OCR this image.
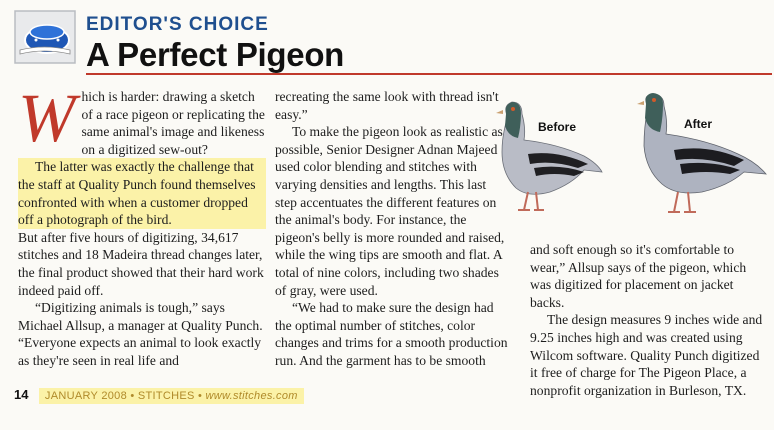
EDITOR'S CHOICE
A Perfect Pigeon

Which is harder: drawing a sketch of a race pigeon or replicating the same animal's image and likeness on a digitized sew-out?

The latter was exactly the challenge that the staff at Quality Punch found themselves confronted with when a customer dropped off a photograph of the bird.

But after five hours of digitizing, 34,617 stitches and 18 Madeira thread changes later, the final product showed that their hard work indeed paid off.

“Digitizing animals is tough,” says Michael Allsup, a manager at Quality Punch. “Everyone expects an animal to look exactly as they're seen in real life and

recreating the same look with thread isn't easy.”

To make the pigeon look as realistic as possible, Senior Designer Adnan Majeed used color blending and stitches with varying densities and lengths. This last step accentuates the different features on the animal's body. For instance, the pigeon's belly is more rounded and raised, while the wing tips are smooth and flat. A total of nine colors, including two shades of gray, were used.

“We had to make sure the design had the optimal number of stitches, color changes and trims for a smooth production run. And the garment has to be smooth

Before	After

and soft enough so it's comfortable to wear,” Allsup says of the pigeon, which was digitized for placement on jacket backs.

The design measures 9 inches wide and 9.25 inches high and was created using Wilcom software. Quality Punch digitized it free of charge for The Pigeon Place, a nonprofit organization in Burleson, TX.

14 JANUARY 2008 • STITCHES • www.stitches.com
